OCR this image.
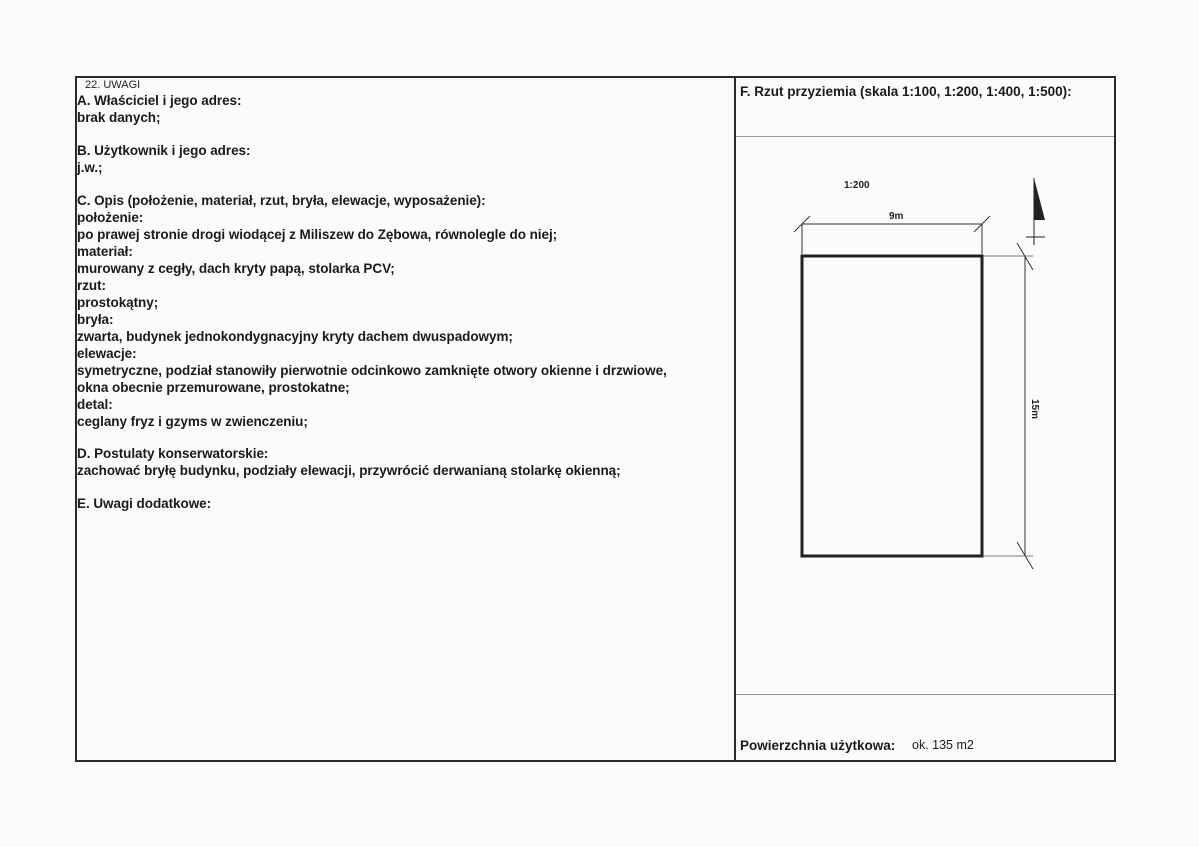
22. UWAGI
A. Właściciel i jego adres:
brak danych;
B. Użytkownik i jego adres:
j.w.;
C. Opis (położenie, materiał, rzut, bryła, elewacje, wyposażenie):
położenie:
po prawej stronie drogi wiodącej z Miliszew do Zębowa, równolegle do niej;
materiał:
murowany z cegły, dach kryty papą, stolarka PCV;
rzut:
prostokątny;
bryła:
zwarta, budynek jednokondygnacyjny kryty dachem dwuspadowym;
elewacje:
symetryczne, podział stanowiły pierwotnie odcinkowo zamknięte otwory okienne i drzwiowe,
okna obecnie przemurowane, prostokatne;
detal:
ceglany fryz i gzyms w zwienczeniu;
D. Postulaty konserwatorskie:
zachować bryłę budynku, podziały elewacji, przywrócić derwanianą stolarkę okienną;
E. Uwagi dodatkowe:
F. Rzut przyziemia (skala 1:100, 1:200, 1:400, 1:500):
1:200
9m
15m
Powierzchnia użytkowa: ok. 135 m2
